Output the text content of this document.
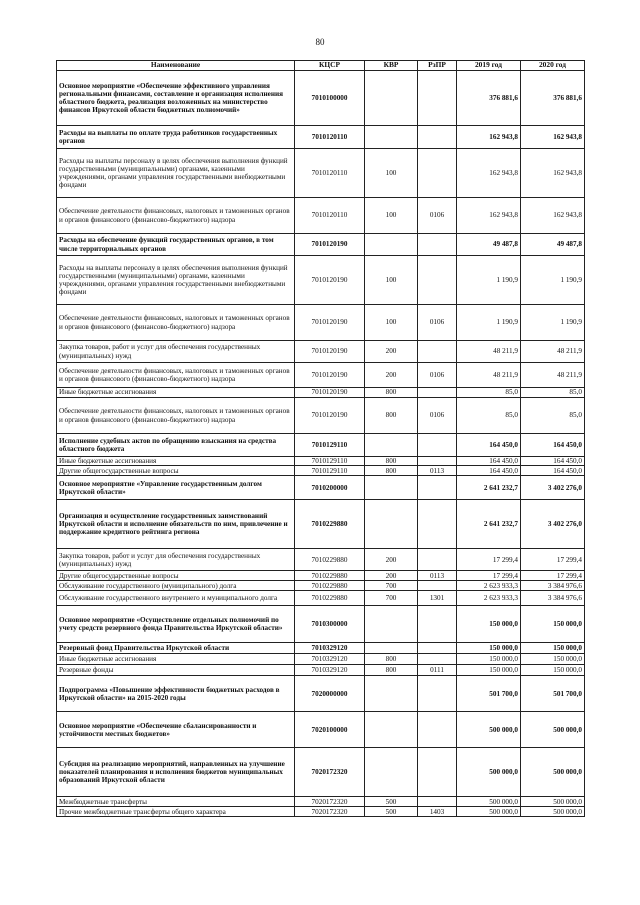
80
Наименование	КЦСР	КВР	РзПР	2019 год	2020 год
Основное мероприятие «Обеспечение эффективного управления региональными финансами, составление и организация исполнения областного бюджета, реализация возложенных на министерство финансов Иркутской области бюджетных полномочий»	7010100000			376 881,6	376 881,6
Расходы на выплаты по оплате труда работников государственных органов	7010120110			162 943,8	162 943,8
Расходы на выплаты персоналу в целях обеспечения выполнения функций государственными (муниципальными) органами, казенными учреждениями, органами управления государственными внебюджетными фондами	7010120110	100		162 943,8	162 943,8
Обеспечение деятельности финансовых, налоговых и таможенных органов и органов финансового (финансово-бюджетного) надзора	7010120110	100	0106	162 943,8	162 943,8
Расходы на обеспечение функций государственных органов, в том числе территориальных органов	7010120190			49 487,8	49 487,8
Расходы на выплаты персоналу в целях обеспечения выполнения функций государственными (муниципальными) органами, казенными учреждениями, органами управления государственными внебюджетными фондами	7010120190	100		1 190,9	1 190,9
Обеспечение деятельности финансовых, налоговых и таможенных органов и органов финансового (финансово-бюджетного) надзора	7010120190	100	0106	1 190,9	1 190,9
Закупка товаров, работ и услуг для обеспечения государственных (муниципальных) нужд	7010120190	200		48 211,9	48 211,9
Обеспечение деятельности финансовых, налоговых и таможенных органов и органов финансового (финансово-бюджетного) надзора	7010120190	200	0106	48 211,9	48 211,9
Иные бюджетные ассигнования	7010120190	800		85,0	85,0
Обеспечение деятельности финансовых, налоговых и таможенных органов и органов финансового (финансово-бюджетного) надзора	7010120190	800	0106	85,0	85,0
Исполнение судебных актов по обращению взыскания на средства областного бюджета	7010129110			164 450,0	164 450,0
Иные бюджетные ассигнования	7010129110	800		164 450,0	164 450,0
Другие общегосударственные вопросы	7010129110	800	0113	164 450,0	164 450,0
Основное мероприятие «Управление государственным долгом Иркутской области»	7010200000			2 641 232,7	3 402 276,0
Организация и осуществление государственных заимствований Иркутской области и исполнение обязательств по ним, привлечение и поддержание кредитного рейтинга региона	7010229880			2 641 232,7	3 402 276,0
Закупка товаров, работ и услуг для обеспечения государственных (муниципальных) нужд	7010229880	200		17 299,4	17 299,4
Другие общегосударственные вопросы	7010229880	200	0113	17 299,4	17 299,4
Обслуживание государственного (муниципального) долга	7010229880	700		2 623 933,3	3 384 976,6
Обслуживание государственного внутреннего и муниципального долга	7010229880	700	1301	2 623 933,3	3 384 976,6
Основное мероприятие «Осуществление отдельных полномочий по учету средств резервного фонда Правительства Иркутской области»	7010300000			150 000,0	150 000,0
Резервный фонд Правительства Иркутской области	7010329120			150 000,0	150 000,0
Иные бюджетные ассигнования	7010329120	800		150 000,0	150 000,0
Резервные фонды	7010329120	800	0111	150 000,0	150 000,0
Подпрограмма «Повышение эффективности бюджетных расходов в Иркутской области» на 2015-2020 годы	7020000000			501 700,0	501 700,0
Основное мероприятие «Обеспечение сбалансированности и устойчивости местных бюджетов»	7020100000			500 000,0	500 000,0
Субсидия на реализацию мероприятий, направленных на улучшение показателей планирования и исполнения бюджетов муниципальных образований Иркутской области	7020172320			500 000,0	500 000,0
Межбюджетные трансферты	7020172320	500		500 000,0	500 000,0
Прочие межбюджетные трансферты общего характера	7020172320	500	1403	500 000,0	500 000,0
